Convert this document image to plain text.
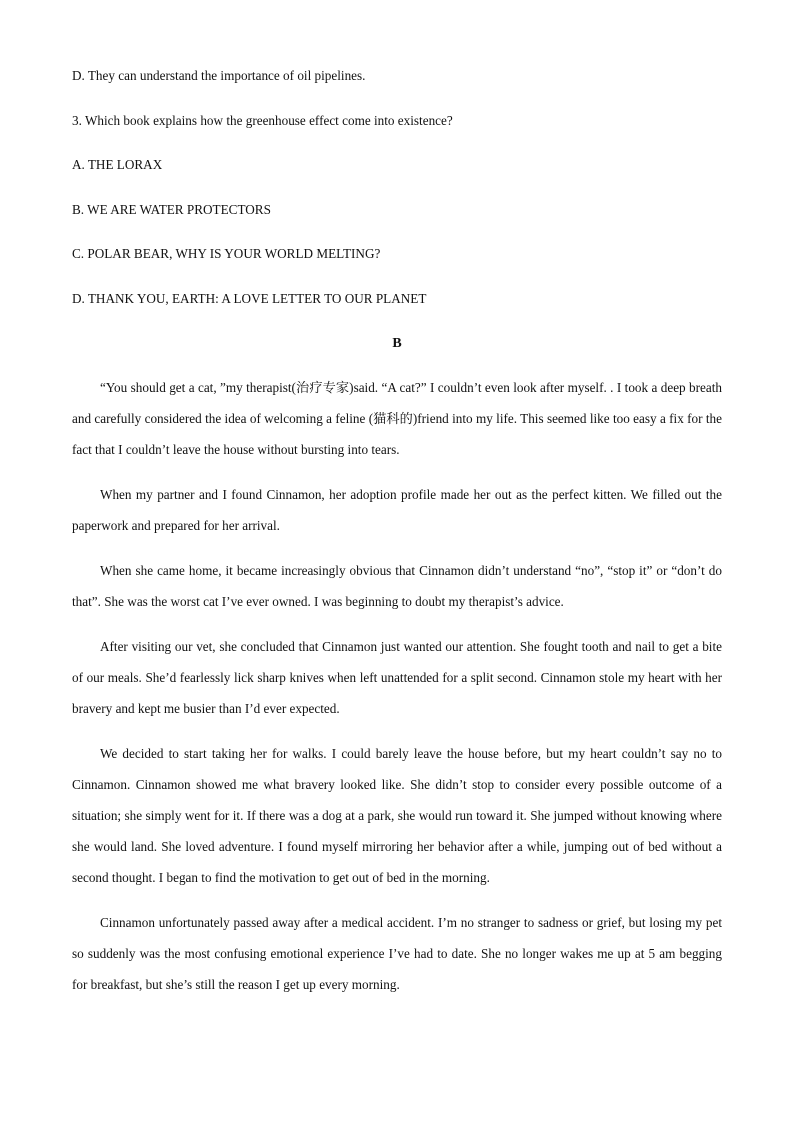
D. They can understand the importance of oil pipelines.
3. Which book explains how the greenhouse effect come into existence?
A. THE LORAX
B. WE ARE WATER PROTECTORS
C. POLAR BEAR, WHY IS YOUR WORLD MELTING?
D. THANK YOU, EARTH: A LOVE LETTER TO OUR PLANET
B
“You should get a cat, ”my therapist(治疗专家)said. “A cat?” I couldn’t even look after myself. . I took a deep breath and carefully considered the idea of welcoming a feline (猫科的)friend into my life. This seemed like too easy a fix for the fact that I couldn’t leave the house without bursting into tears.
When my partner and I found Cinnamon, her adoption profile made her out as the perfect kitten. We filled out the paperwork and prepared for her arrival.
When she came home, it became increasingly obvious that Cinnamon didn’t understand “no”, “stop it” or “don’t do that”. She was the worst cat I’ve ever owned. I was beginning to doubt my therapist’s advice.
After visiting our vet, she concluded that Cinnamon just wanted our attention. She fought tooth and nail to get a bite of our meals. She’d fearlessly lick sharp knives when left unattended for a split second. Cinnamon stole my heart with her bravery and kept me busier than I’d ever expected.
We decided to start taking her for walks. I could barely leave the house before, but my heart couldn’t say no to Cinnamon. Cinnamon showed me what bravery looked like. She didn’t stop to consider every possible outcome of a situation; she simply went for it. If there was a dog at a park, she would run toward it. She jumped without knowing where she would land. She loved adventure. I found myself mirroring her behavior after a while, jumping out of bed without a second thought. I began to find the motivation to get out of bed in the morning.
Cinnamon unfortunately passed away after a medical accident. I’m no stranger to sadness or grief, but losing my pet so suddenly was the most confusing emotional experience I’ve had to date. She no longer wakes me up at 5 am begging for breakfast, but she’s still the reason I get up every morning.
